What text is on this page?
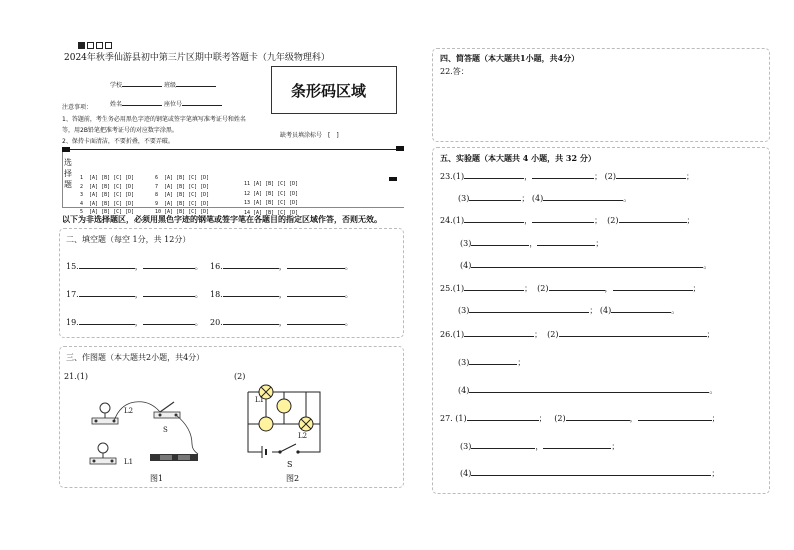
2024年秋季仙游县初中第三片区期中联考答题卡（九年级物理科）
学校	班级
姓名	座位号
条形码区域
注意事项：
1、答题前，考生务必用黑色字迹的钢笔或签字笔填写准考证号和姓名
等，用2B铅笔把准考证号的对应数字涂黑。
2、保持卡面清洁，不要折叠，不要弄破。
缺考员填涂标号　[　]
选
择
题

1  [A] [B] [C] [D]
2  [A] [B] [C] [D]
3  [A] [B] [C] [D]
4  [A] [B] [C] [D]
5  [A] [B] [C] [D]

6  [A] [B] [C] [D]
7  [A] [B] [C] [D]
8  [A] [B] [C] [D]
9  [A] [B] [C] [D]
10 [A] [B] [C] [D]

11 [A] [B] [C] [D]
12 [A] [B] [C] [D]
13 [A] [B] [C] [D]
14 [A] [B] [C] [D]

以下为非选择题区，必须用黑色字迹的钢笔或签字笔在各题目的指定区域作答，否则无效。
二、填空题（每空 1分，共 12分）
15.	，	。 16.	，	。
17.	，	。 18.	，	。
19.	，	。 20.	，	。
三、作图题（本大题共2小题，共4分）
21.(1)	(2)
L2
L1
S
图1
L1
L2
S
图2
四、简答题（本大题共1小题，共4分）
22.答：
五、实验题（本大题共 4 小题，共 32 分）
23.(1)	，	； (2)	；
(3)	； (4)	。
24.(1)	，	；  (2)	；
(3)	，	；
(4)	。
25.(1)	；  (2)	，	；
(3)	； (4)	。
26.(1)	；  (2)	；
(3)	；
(4)	。
27. (1)	；   (2)	，	；
(3)	，	；
(4)	；
